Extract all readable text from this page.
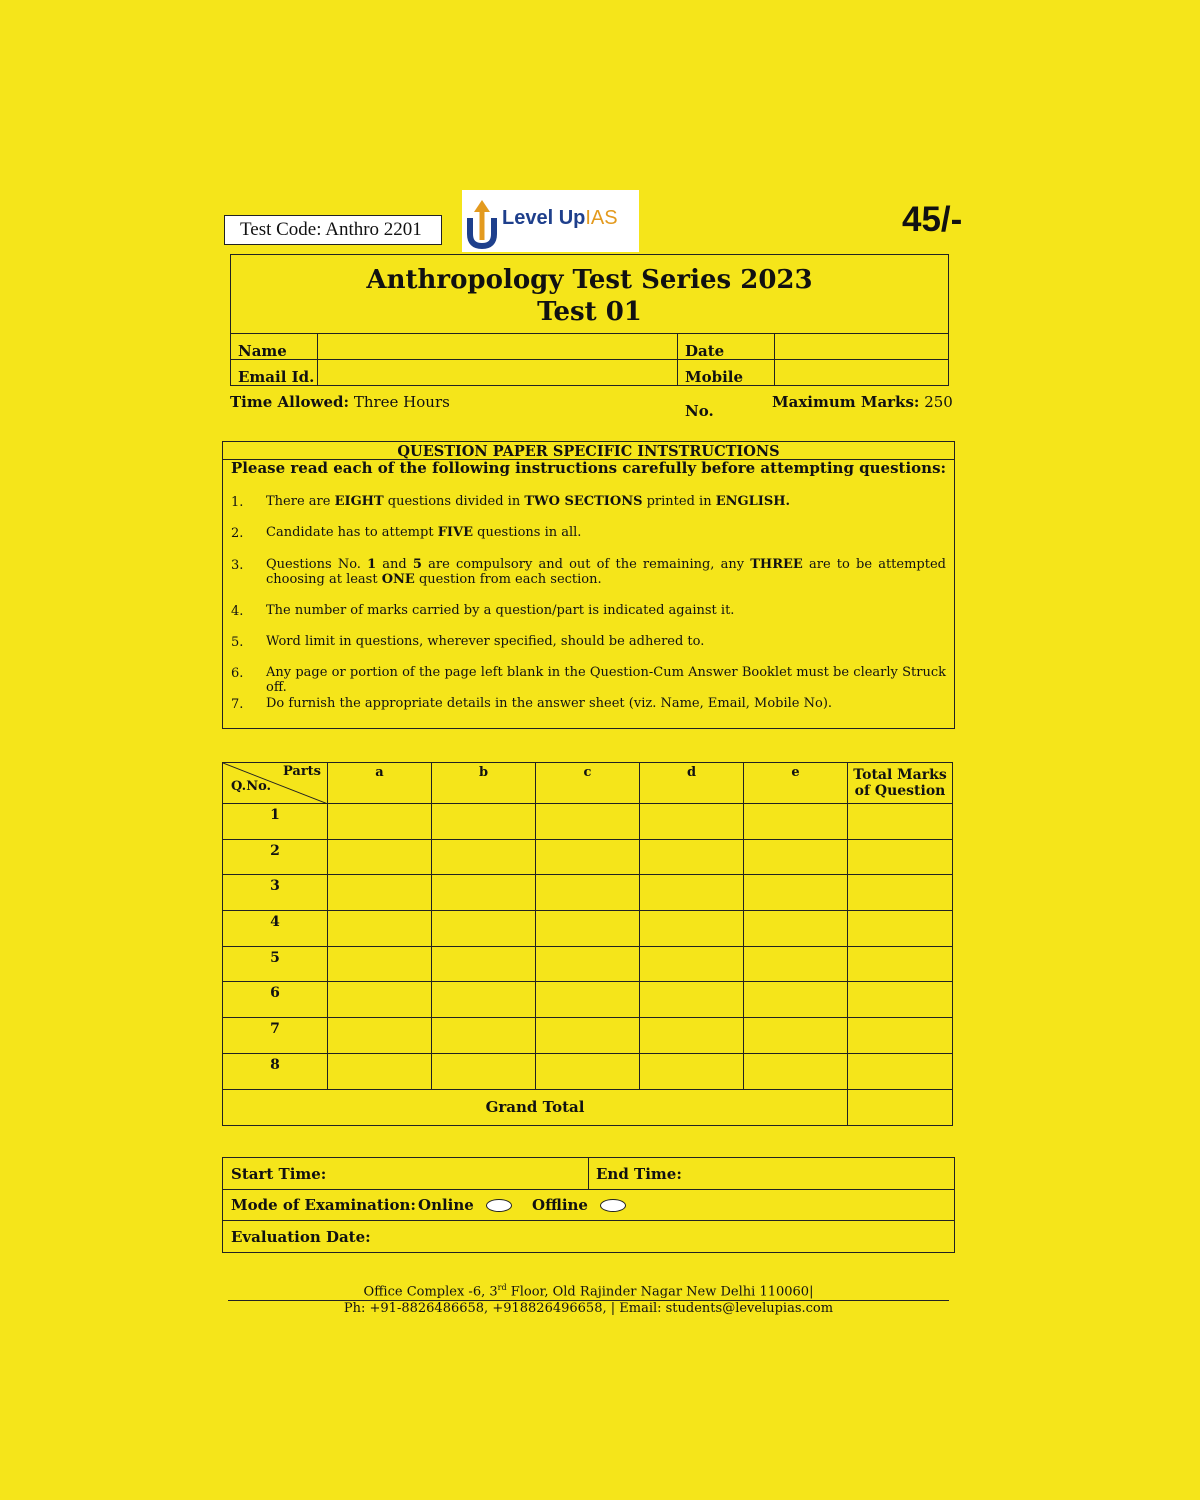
Test Code: Anthro 2201
Level UpIAS	45/-
Anthropology Test Series 2023
Test 01
Name	Date
Email Id.	Mobile No.
Time Allowed: Three Hours	Maximum Marks: 250
QUESTION PAPER SPECIFIC INTSTRUCTIONS
Please read each of the following instructions carefully before attempting questions:
1. There are EIGHT questions divided in TWO SECTIONS printed in ENGLISH.
2. Candidate has to attempt FIVE questions in all.
3. Questions No. 1 and 5 are compulsory and out of the remaining, any THREE are to be attempted choosing at least ONE question from each section.
4. The number of marks carried by a question/part is indicated against it.
5. Word limit in questions, wherever specified, should be adhered to.
6. Any page or portion of the page left blank in the Question-Cum Answer Booklet must be clearly Struck off.
7. Do furnish the appropriate details in the answer sheet (viz. Name, Email, Mobile No).
Parts
Q.No.	a	b	c	d	e	Total Marks of Question
1						
2						
3						
4						
5						
6						
7						
8						
Grand Total						
Start Time:	End Time:
Mode of Examination: Online	Offline
Evaluation Date:
Office Complex -6, 3rd Floor, Old Rajinder Nagar New Delhi 110060|
Ph: +91-8826486658, +918826496658, | Email: students@levelupias.com
